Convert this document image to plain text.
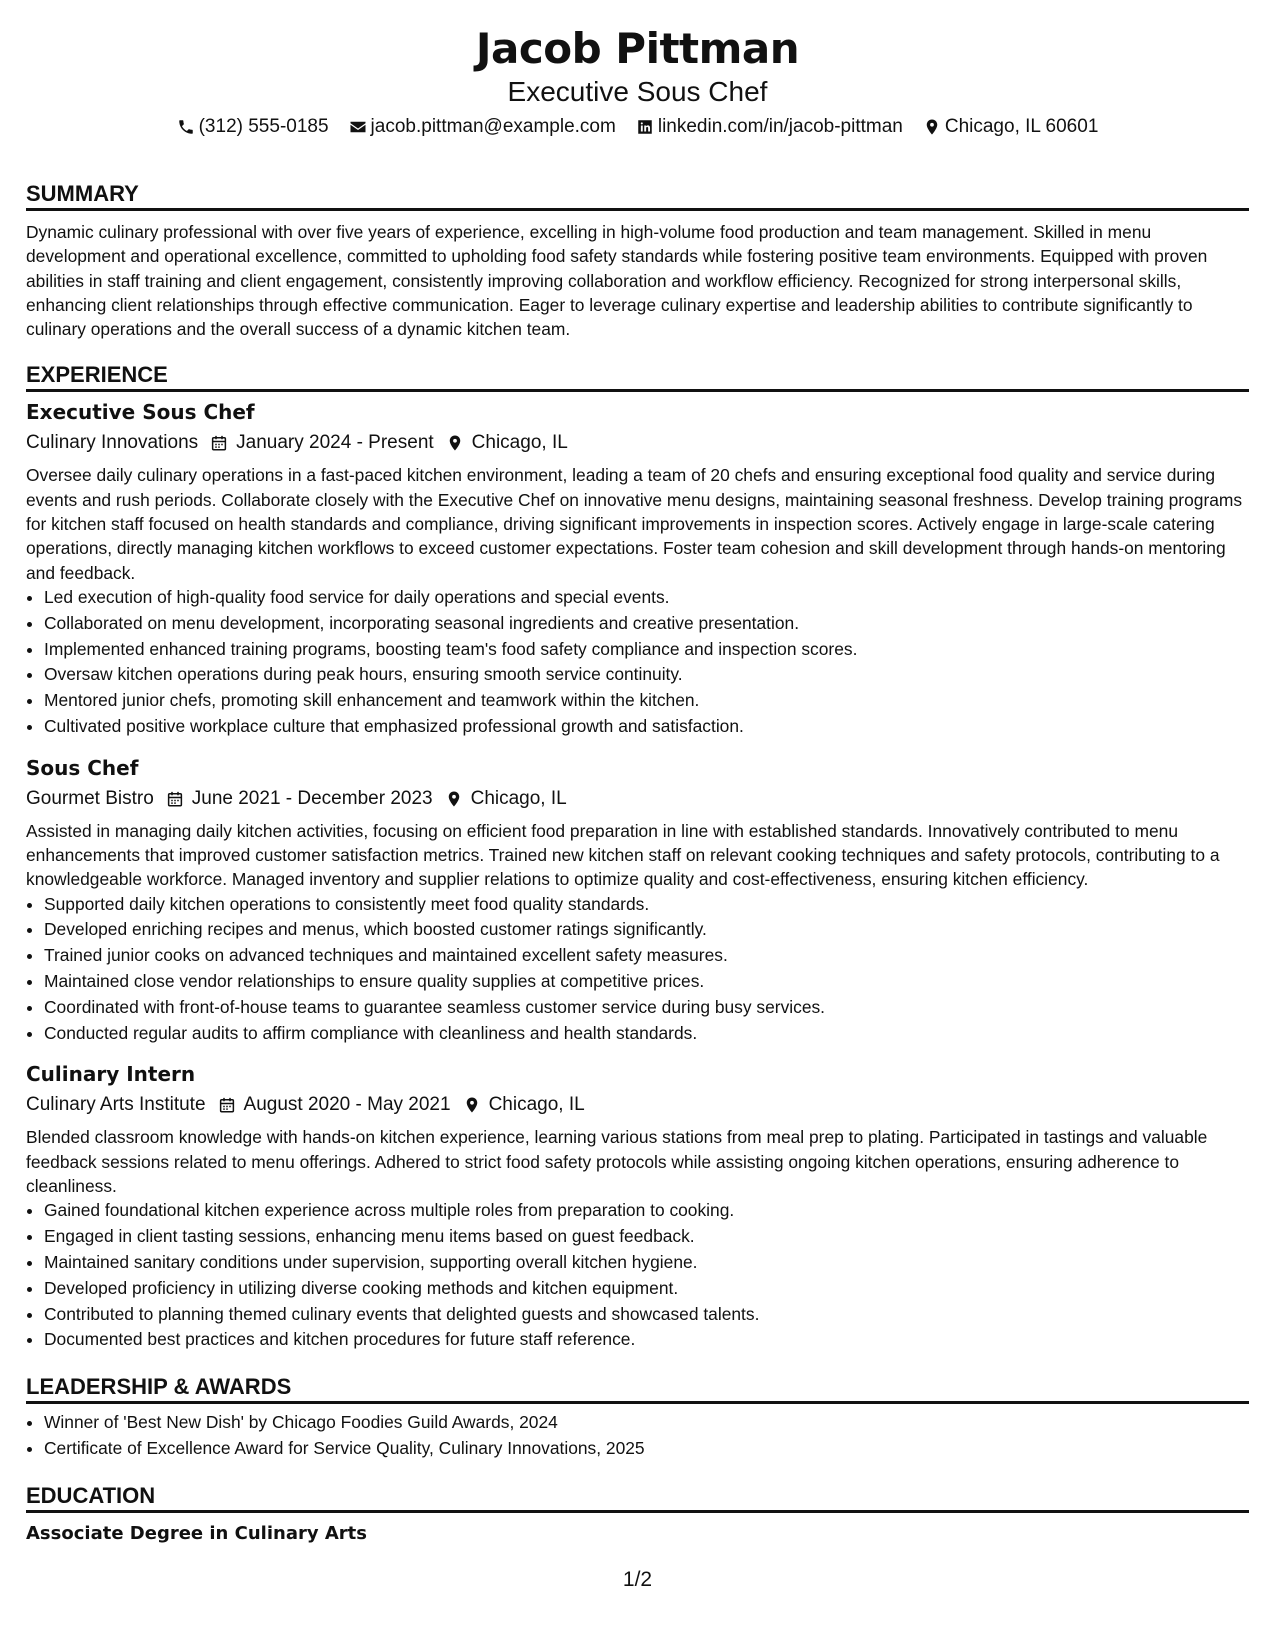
Jacob Pittman
Executive Sous Chef
(312) 555-0185 jacob.pittman@example.com linkedin.com/in/jacob-pittman Chicago, IL 60601
SUMMARY

Dynamic culinary professional with over five years of experience, excelling in high-volume food production and team management. Skilled in menu development and operational excellence, committed to upholding food safety standards while fostering positive team environments. Equipped with proven abilities in staff training and client engagement, consistently improving collaboration and workflow efficiency. Recognized for strong interpersonal skills, enhancing client relationships through effective communication. Eager to leverage culinary expertise and leadership abilities to contribute significantly to culinary operations and the overall success of a dynamic kitchen team.

EXPERIENCE
Executive Sous Chef
Culinary Innovations January 2024 - Present Chicago, IL

Oversee daily culinary operations in a fast-paced kitchen environment, leading a team of 20 chefs and ensuring exceptional food quality and service during events and rush periods. Collaborate closely with the Executive Chef on innovative menu designs, maintaining seasonal freshness. Develop training programs for kitchen staff focused on health standards and compliance, driving significant improvements in inspection scores. Actively engage in large-scale catering operations, directly managing kitchen workflows to exceed customer expectations. Foster team cohesion and skill development through hands-on mentoring and feedback.

• Led execution of high-quality food service for daily operations and special events.
• Collaborated on menu development, incorporating seasonal ingredients and creative presentation.
• Implemented enhanced training programs, boosting team's food safety compliance and inspection scores.
• Oversaw kitchen operations during peak hours, ensuring smooth service continuity.
• Mentored junior chefs, promoting skill enhancement and teamwork within the kitchen.
• Cultivated positive workplace culture that emphasized professional growth and satisfaction.
Sous Chef
Gourmet Bistro June 2021 - December 2023 Chicago, IL

Assisted in managing daily kitchen activities, focusing on efficient food preparation in line with established standards. Innovatively contributed to menu enhancements that improved customer satisfaction metrics. Trained new kitchen staff on relevant cooking techniques and safety protocols, contributing to a knowledgeable workforce. Managed inventory and supplier relations to optimize quality and cost-effectiveness, ensuring kitchen efficiency.

• Supported daily kitchen operations to consistently meet food quality standards.
• Developed enriching recipes and menus, which boosted customer ratings significantly.
• Trained junior cooks on advanced techniques and maintained excellent safety measures.
• Maintained close vendor relationships to ensure quality supplies at competitive prices.
• Coordinated with front-of-house teams to guarantee seamless customer service during busy services.
• Conducted regular audits to affirm compliance with cleanliness and health standards.
Culinary Intern
Culinary Arts Institute August 2020 - May 2021 Chicago, IL

Blended classroom knowledge with hands-on kitchen experience, learning various stations from meal prep to plating. Participated in tastings and valuable feedback sessions related to menu offerings. Adhered to strict food safety protocols while assisting ongoing kitchen operations, ensuring adherence to cleanliness.

• Gained foundational kitchen experience across multiple roles from preparation to cooking.
• Engaged in client tasting sessions, enhancing menu items based on guest feedback.
• Maintained sanitary conditions under supervision, supporting overall kitchen hygiene.
• Developed proficiency in utilizing diverse cooking methods and kitchen equipment.
• Contributed to planning themed culinary events that delighted guests and showcased talents.
• Documented best practices and kitchen procedures for future staff reference.
LEADERSHIP & AWARDS
• Winner of 'Best New Dish' by Chicago Foodies Guild Awards, 2024
• Certificate of Excellence Award for Service Quality, Culinary Innovations, 2025
EDUCATION

Associate Degree in Culinary Arts

1/2
